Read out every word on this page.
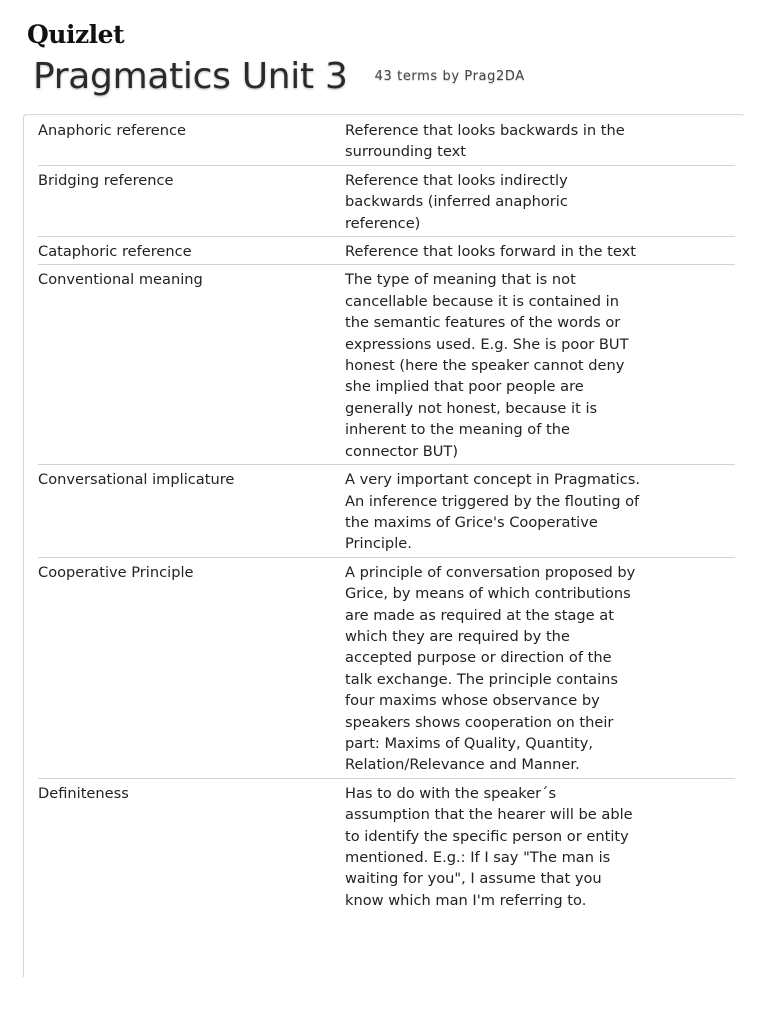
Quizlet
Pragmatics Unit 3 43 terms by Prag2DA
Anaphoric reference	Reference that looks backwards in the surrounding text
Bridging reference	Reference that looks indirectly backwards (inferred anaphoric reference)
Cataphoric reference	Reference that looks forward in the text
Conventional meaning	The type of meaning that is not cancellable because it is contained in the semantic features of the words or expressions used. E.g. She is poor BUT honest (here the speaker cannot deny she implied that poor people are generally not honest, because it is inherent to the meaning of the connector BUT)
Conversational implicature	A very important concept in Pragmatics. An inference triggered by the flouting of the maxims of Grice's Cooperative Principle.
Cooperative Principle	A principle of conversation proposed by Grice, by means of which contributions are made as required at the stage at which they are required by the accepted purpose or direction of the talk exchange. The principle contains four maxims whose observance by speakers shows cooperation on their part: Maxims of Quality, Quantity, Relation/Relevance and Manner.
Definiteness	Has to do with the speaker´s assumption that the hearer will be able to identify the specific person or entity mentioned. E.g.: If I say "The man is waiting for you", I assume that you know which man I'm referring to.
